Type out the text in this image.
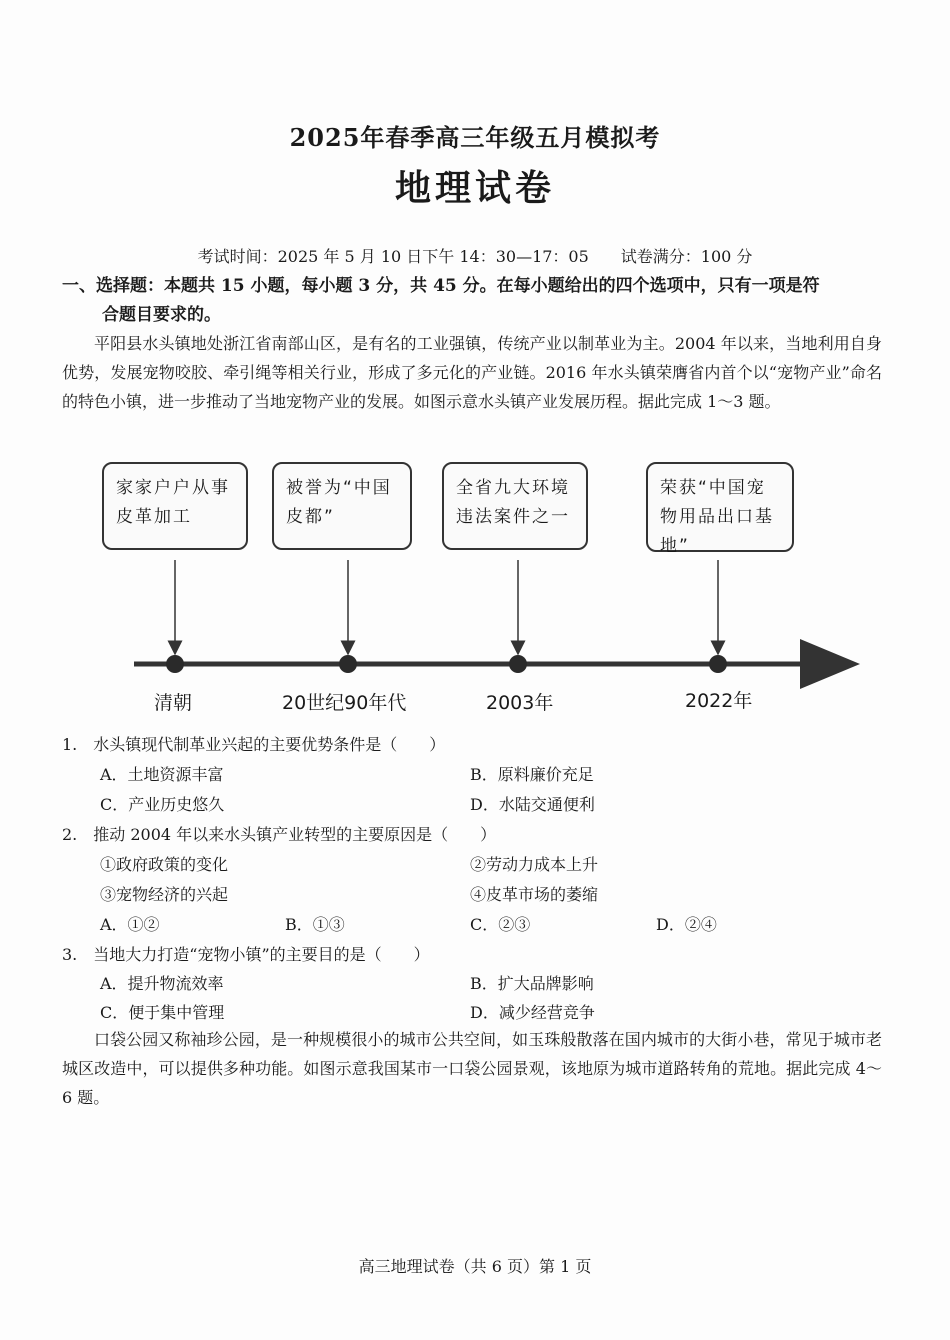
2025年春季高三年级五月模拟考
地理试卷
考试时间：2025 年 5 月 10 日下午 14：30—17：05　　试卷满分：100 分
一、选择题：本题共 15 小题，每小题 3 分，共 45 分。在每小题给出的四个选项中，只有一项是符
合题目要求的。
平阳县水头镇地处浙江省南部山区，是有名的工业强镇，传统产业以制革业为主。2004 年以来，当地利用自身优势，发展宠物咬胶、牵引绳等相关行业，形成了多元化的产业链。2016 年水头镇荣膺省内首个以“宠物产业”命名的特色小镇，进一步推动了当地宠物产业的发展。如图示意水头镇产业发展历程。据此完成 1～3 题。
家家户户从事皮革加工
被誉为“中国皮都”
全省九大环境违法案件之一
荣获“中国宠物用品出口基地”
清朝	20世纪90年代	2003年	2022年
1.　水头镇现代制革业兴起的主要优势条件是（　　）
A．土地资源丰富	B．原料廉价充足
C．产业历史悠久	D．水陆交通便利
2.　推动 2004 年以来水头镇产业转型的主要原因是（　　）
①政府政策的变化	②劳动力成本上升
③宠物经济的兴起	④皮革市场的萎缩
A．①②	B．①③	C．②③	D．②④
3.　当地大力打造“宠物小镇”的主要目的是（　　）
A．提升物流效率	B．扩大品牌影响
C．便于集中管理	D．减少经营竞争
口袋公园又称袖珍公园，是一种规模很小的城市公共空间，如玉珠般散落在国内城市的大街小巷，常见于城市老城区改造中，可以提供多种功能。如图示意我国某市一口袋公园景观，该地原为城市道路转角的荒地。据此完成 4～6 题。
高三地理试卷（共 6 页）第 1 页
